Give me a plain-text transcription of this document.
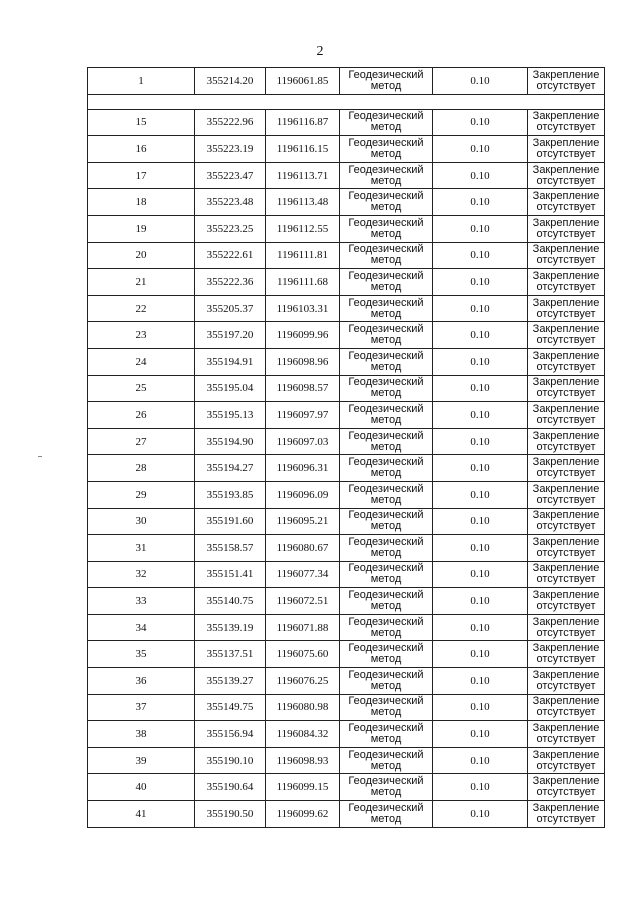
2
1	355214.20	1196061.85	Геодезический
метод	0.10	Закрепление
отсутствует

15	355222.96	1196116.87	Геодезический
метод	0.10	Закрепление
отсутствует

16	355223.19	1196116.15	Геодезический
метод	0.10	Закрепление
отсутствует

17	355223.47	1196113.71	Геодезический
метод	0.10	Закрепление
отсутствует

18	355223.48	1196113.48	Геодезический
метод	0.10	Закрепление
отсутствует

19	355223.25	1196112.55	Геодезический
метод	0.10	Закрепление
отсутствует

20	355222.61	1196111.81	Геодезический
метод	0.10	Закрепление
отсутствует

21	355222.36	1196111.68	Геодезический
метод	0.10	Закрепление
отсутствует

22	355205.37	1196103.31	Геодезический
метод	0.10	Закрепление
отсутствует

23	355197.20	1196099.96	Геодезический
метод	0.10	Закрепление
отсутствует

24	355194.91	1196098.96	Геодезический
метод	0.10	Закрепление
отсутствует

25	355195.04	1196098.57	Геодезический
метод	0.10	Закрепление
отсутствует

26	355195.13	1196097.97	Геодезический
метод	0.10	Закрепление
отсутствует

27	355194.90	1196097.03	Геодезический
метод	0.10	Закрепление
отсутствует

28	355194.27	1196096.31	Геодезический
метод	0.10	Закрепление
отсутствует

29	355193.85	1196096.09	Геодезический
метод	0.10	Закрепление
отсутствует

30	355191.60	1196095.21	Геодезический
метод	0.10	Закрепление
отсутствует

31	355158.57	1196080.67	Геодезический
метод	0.10	Закрепление
отсутствует

32	355151.41	1196077.34	Геодезический
метод	0.10	Закрепление
отсутствует

33	355140.75	1196072.51	Геодезический
метод	0.10	Закрепление
отсутствует

34	355139.19	1196071.88	Геодезический
метод	0.10	Закрепление
отсутствует

35	355137.51	1196075.60	Геодезический
метод	0.10	Закрепление
отсутствует

36	355139.27	1196076.25	Геодезический
метод	0.10	Закрепление
отсутствует

37	355149.75	1196080.98	Геодезический
метод	0.10	Закрепление
отсутствует

38	355156.94	1196084.32	Геодезический
метод	0.10	Закрепление
отсутствует

39	355190.10	1196098.93	Геодезический
метод	0.10	Закрепление
отсутствует

40	355190.64	1196099.15	Геодезический
метод	0.10	Закрепление
отсутствует

41	355190.50	1196099.62	Геодезический
метод	0.10	Закрепление
отсутствует
